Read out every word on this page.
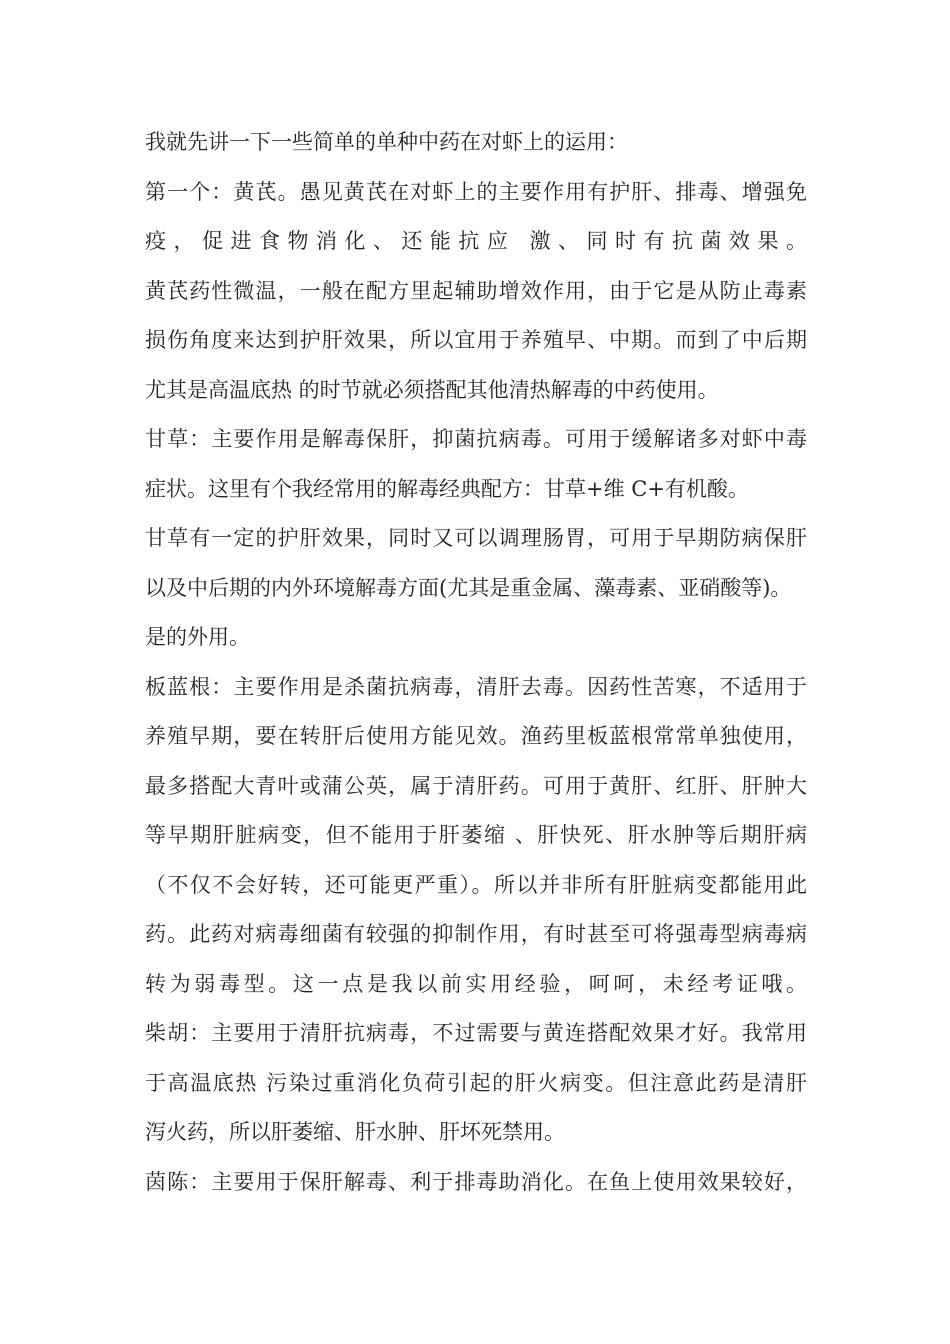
我就先讲一下一些简单的单种中药在对虾上的运用：
第一个：黄芪。愚见黄芪在对虾上的主要作用有护肝、排毒、增强免
疫，促进食物消化、还能抗应 激、同时有抗菌效果。
黄芪药性微温，一般在配方里起辅助增效作用，由于它是从防止毒素
损伤角度来达到护肝效果，所以宜用于养殖早、中期。而到了中后期
尤其是高温底热 的时节就必须搭配其他清热解毒的中药使用。
甘草：主要作用是解毒保肝，抑菌抗病毒。可用于缓解诸多对虾中毒
症状。这里有个我经常用的解毒经典配方：甘草+维 C+有机酸。
甘草有一定的护肝效果，同时又可以调理肠胃，可用于早期防病保肝
以及中后期的内外环境解毒方面(尤其是重金属、藻毒素、亚硝酸等)。
是的外用。
板蓝根：主要作用是杀菌抗病毒，清肝去毒。因药性苦寒，不适用于
养殖早期，要在转肝后使用方能见效。渔药里板蓝根常常单独使用，
最多搭配大青叶或蒲公英，属于清肝药。可用于黄肝、红肝、肝肿大
等早期肝脏病变，但不能用于肝萎缩 、肝快死、肝水肿等后期肝病
（不仅不会好转，还可能更严重）。所以并非所有肝脏病变都能用此
药。此药对病毒细菌有较强的抑制作用，有时甚至可将强毒型病毒病
转为弱毒型。这一点是我以前实用经验，呵呵，未经考证哦。
柴胡：主要用于清肝抗病毒，不过需要与黄连搭配效果才好。我常用
于高温底热 污染过重消化负荷引起的肝火病变。但注意此药是清肝
泻火药，所以肝萎缩、肝水肿、肝坏死禁用。
茵陈：主要用于保肝解毒、利于排毒助消化。在鱼上使用效果较好，
